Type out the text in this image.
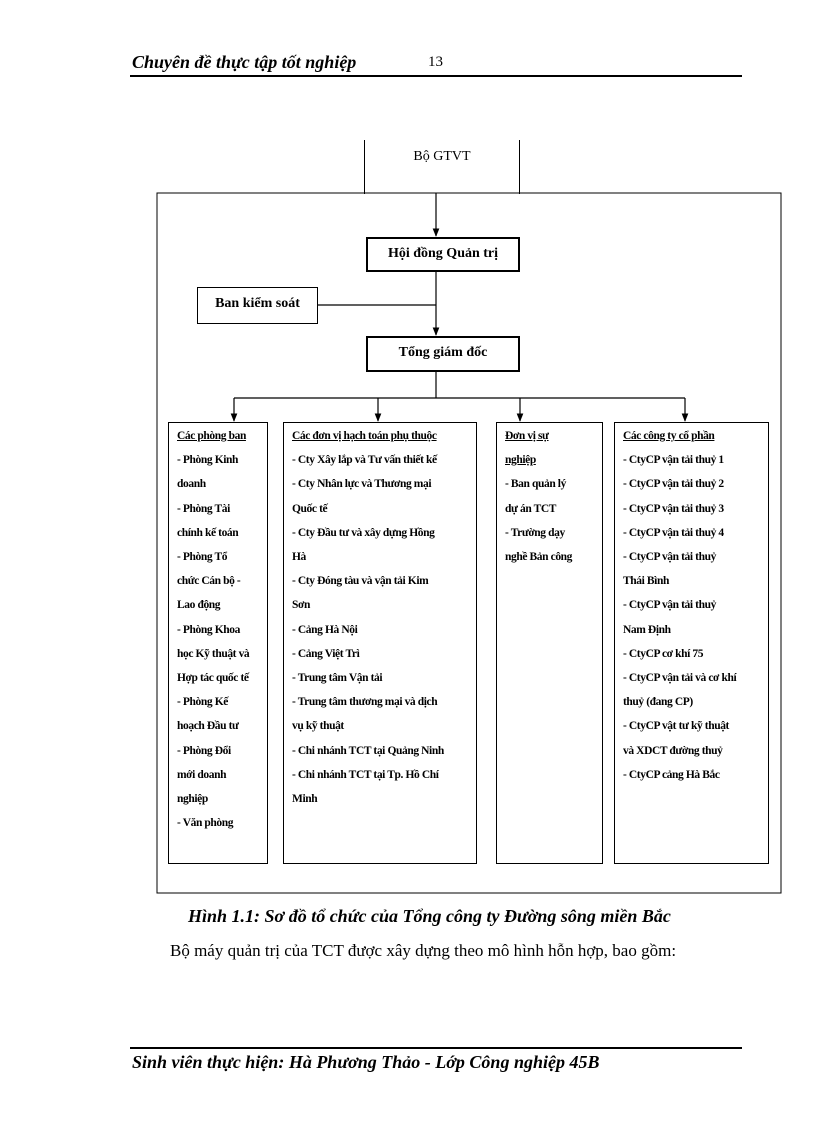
Chuyên đề thực tập tốt nghiệp	13
Bộ GTVT
Hội đồng Quản trị
Ban kiểm soát
Tổng giám đốc
Các phòng ban
- Phòng Kinh
doanh
- Phòng Tài
chính kế toán
- Phòng Tổ
chức Cán bộ -
Lao động
- Phòng Khoa
học Kỹ thuật và
Hợp tác quốc tế
- Phòng Kế
hoạch Đầu tư
- Phòng Đổi
mới doanh
nghiệp
- Văn phòng
Các đơn vị hạch toán phụ thuộc
- Cty Xây lắp và Tư vấn thiết kế
- Cty Nhân lực và Thương mại
Quốc tế
- Cty Đầu tư và xây dựng Hồng
Hà
- Cty Đóng tàu và vận tải Kim
Sơn
- Cảng Hà Nội
- Cảng Việt Trì
- Trung tâm Vận tải
- Trung tâm thương mại và dịch
vụ kỹ thuật
- Chi nhánh TCT tại Quảng Ninh
- Chi nhánh TCT tại Tp. Hồ Chí
Minh
Đơn vị sự
nghiệp
- Ban quản lý
dự án TCT
- Trường dạy
nghề Bản công
Các công ty cổ phần
- CtyCP vận tải thuỷ 1
- CtyCP vận tải thuỷ 2
- CtyCP vận tải thuỷ 3
- CtyCP vận tải thuỷ 4
- CtyCP vận tải thuỷ
Thái Bình
- CtyCP vận tải thuỷ
Nam Định
- CtyCP cơ khí 75
- CtyCP vận tải và cơ khí
thuỷ (đang CP)
- CtyCP vật tư kỹ thuật
và XDCT đường thuỷ
- CtyCP cảng Hà Bắc
Hình 1.1: Sơ đồ tổ chức của Tổng công ty Đường sông miền Bắc
Bộ máy quản trị của TCT được xây dựng theo mô hình hỗn hợp, bao gồm:
Sinh viên thực hiện: Hà Phương Thảo - Lớp Công nghiệp 45B
